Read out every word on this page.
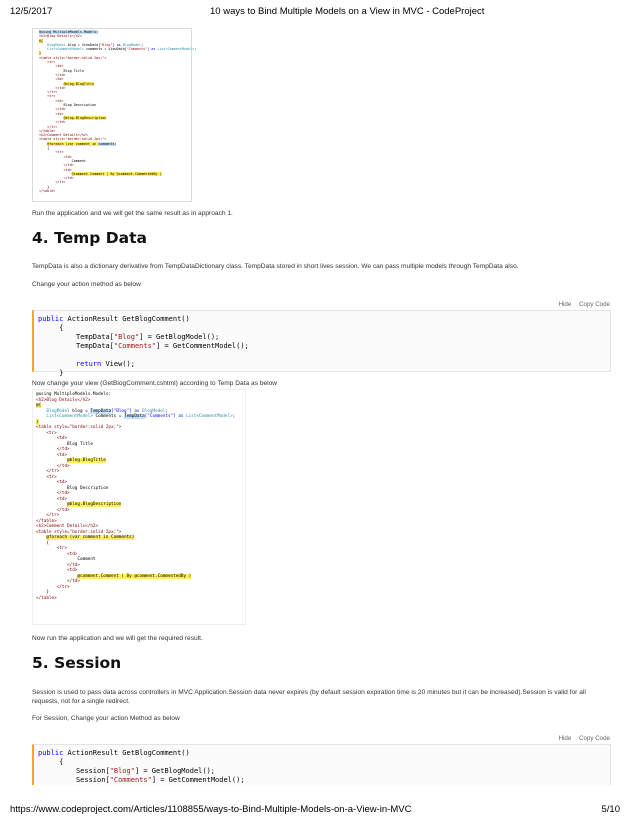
12/5/2017	10 ways to Bind Multiple Models on a View in MVC - CodeProject
@using MultipleModels.Models;
<h2>Blog Details</h2>
@{

BlogModel blog = ViewData["Blog"] as BlogModel;
List<CommentModel> comments = ViewData["Comments"] as List<CommentModel>;
}

<table style="border:solid 2px;">
<tr>
<td>
Blog Title
</td>
<td>
@blog.BlogTitle
</td>
</tr>
<tr>
<td>
Blog Description
</td>
<td>
@blog.BlogDescription
</td>
</tr>
</table>
<h2>Comment Details</h2>
<table style="border:solid 2px;">
@foreach (var comment in comments)
{
<tr>
<td>
Comment
</td>
<td>
@comment.Comment ( By @comment.CommentedBy )
</td>
</tr>
}
</table>
Run the application and we will get the same result as in approach 1.
4. Temp Data
TempData is also a dictionary derivative from TempDataDictionary class. TempData stored in short lives session. We can pass multiple models through TempData also.
Change your action method as below
Hide Copy Code
public ActionResult GetBlogComment()
{
TempData["Blog"] = GetBlogModel();
TempData["Comments"] = GetCommentModel();

return View();
}
Now change your view (GetBlogComment.cshtml) according to Temp Data as below
@using MultipleModels.Models;
<h2>Blog Details</h2>
@{

BlogModel blog = TempData["Blog"] as BlogModel;
List<CommentModel> Comments = TempData["Comments"] as List<CommentModel>;
}

<table style="border:solid 2px;">
<tr>
<td>
Blog Title
</td>
<td>
@blog.BlogTitle
</td>
</tr>
<tr>
<td>
Blog Description
</td>
<td>
@blog.BlogDescription
</td>
</tr>
</table>
<h2>Comment Details</h2>
<table style="border:solid 2px;">
@foreach (var comment in Comments)
{
<tr>
<td>
Comment
</td>
<td>
@comment.Comment ( By @comment.CommentedBy )
</td>
</tr>
}
</table>
Now run the application and we will get the required result.
5. Session
Session is used to pass data across controllers in MVC Application.Session data never expires (by default session expiration time is 20 minutes but it can be increased).Session is valid for all requests, not for a single redirect.
For Session, Change your action Method as below
Hide Copy Code
public ActionResult GetBlogComment()
{
Session["Blog"] = GetBlogModel();
Session["Comments"] = GetCommentModel();
https://www.codeproject.com/Articles/1108855/ways-to-Bind-Multiple-Models-on-a-View-in-MVC	5/10
